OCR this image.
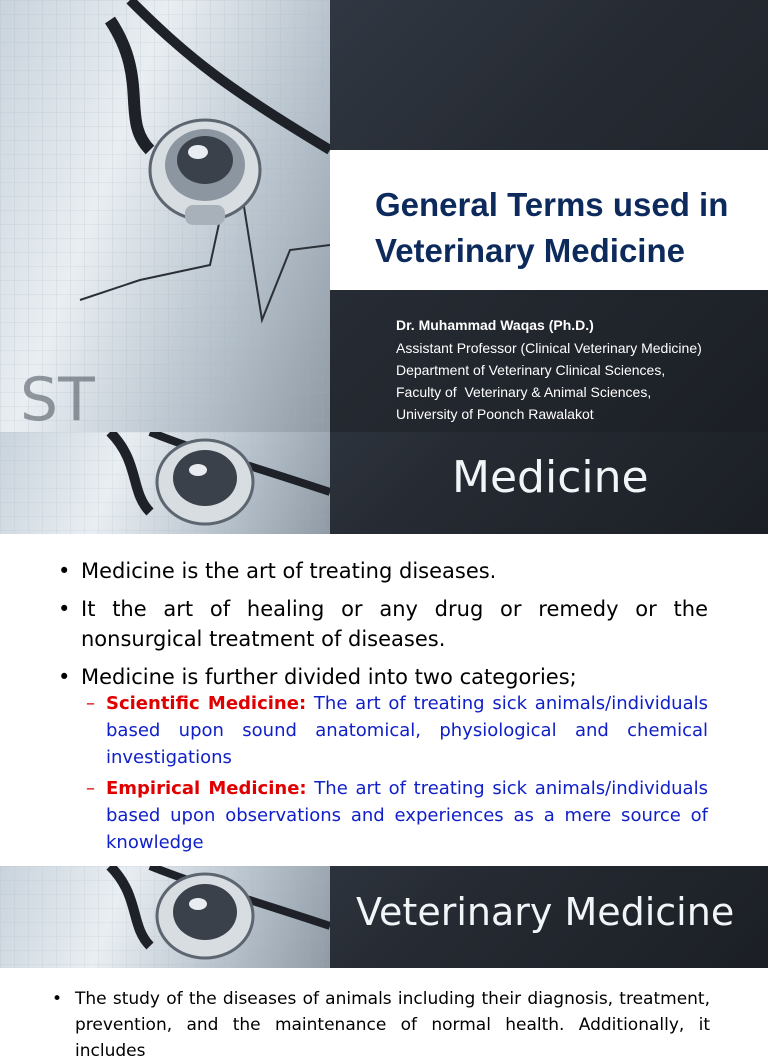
ST
General Terms used in
Veterinary Medicine
Dr. Muhammad Waqas (Ph.D.)
Assistant Professor (Clinical Veterinary Medicine)
Department of Veterinary Clinical Sciences,
Faculty of  Veterinary & Animal Sciences,
University of Poonch Rawalakot
Medicine
• Medicine is the art of treating diseases.
• It the art of healing or any drug or remedy or the nonsurgical treatment of diseases.
• Medicine is further divided into two categories;
– Scientific Medicine: The art of treating sick animals/individuals based upon sound anatomical, physiological and chemical investigations
– Empirical Medicine: The art of treating sick animals/individuals based upon observations and experiences as a mere source of knowledge
Veterinary Medicine
• The study of the diseases of animals including their diagnosis, treatment, prevention, and the maintenance of normal health. Additionally, it includes
